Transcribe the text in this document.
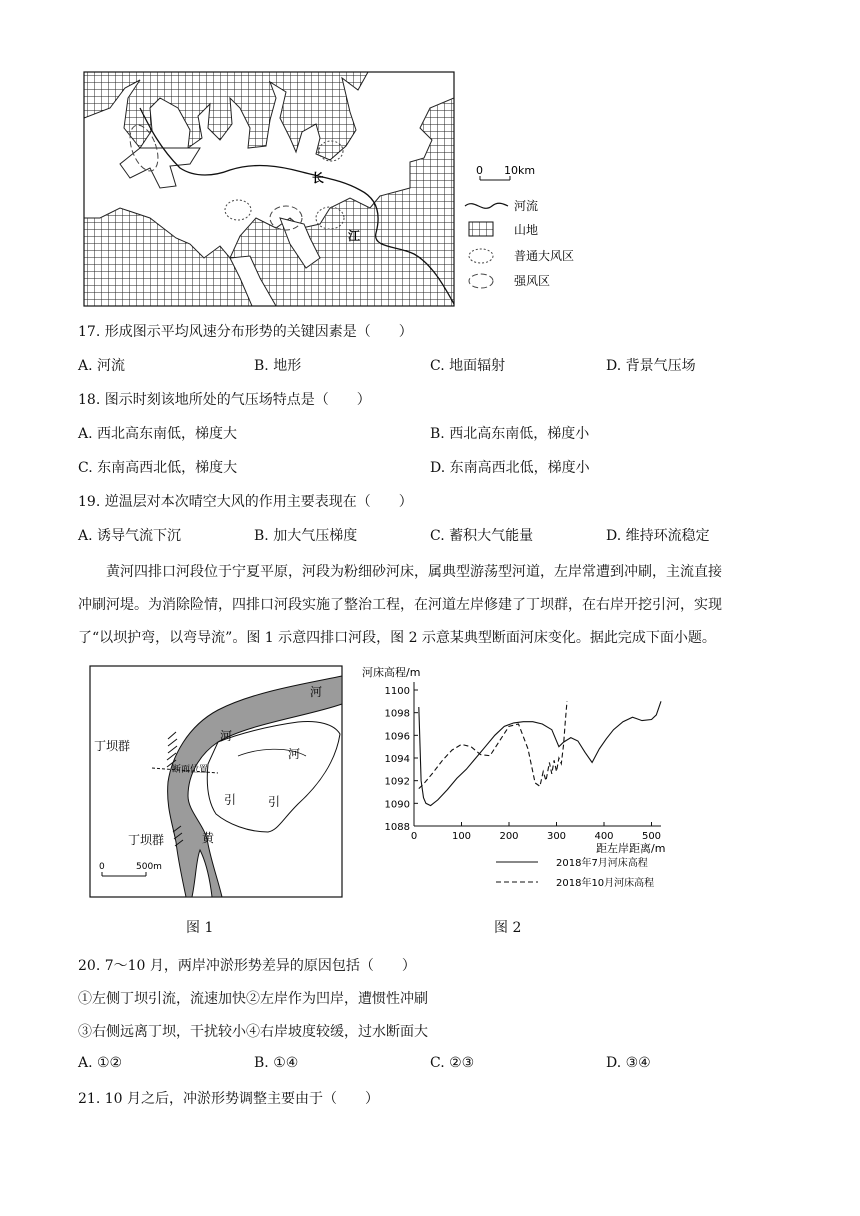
长
江
0 10km
河流
山地
普通大风区
强风区
17. 形成图示平均风速分布形势的关键因素是（　　）
A. 河流	B. 地形	C. 地面辐射	D. 背景气压场
18. 图示时刻该地所处的气压场特点是（　　）
A. 西北高东南低，梯度大	B. 西北高东南低，梯度小
C. 东南高西北低，梯度大	D. 东南高西北低，梯度小
19. 逆温层对本次晴空大风的作用主要表现在（　　）
A. 诱导气流下沉	B. 加大气压梯度	C. 蓄积大气能量	D. 维持环流稳定
黄河四排口河段位于宁夏平原，河段为粉细砂河床，属典型游荡型河道，左岸常遭到冲刷，主流直接
冲刷河堤。为消除险情，四排口河段实施了整治工程，在河道左岸修建了丁坝群，在右岸开挖引河，实现
了“以坝护弯，以弯导流”。图 1 示意四排口河段，图 2 示意某典型断面河床变化。据此完成下面小题。
河
河
河
引	引
黄
丁坝群
丁坝群
断面位置
0	500m
图 1
河床高程/m
距左岸距离/m
1088
1090
1092
1094
1096
1098
1100
0	100	200	300	400	500
2018年7月河床高程
2018年10月河床高程
图 2
20. 7～10 月，两岸冲淤形势差异的原因包括（　　）
①左侧丁坝引流，流速加快②左岸作为凹岸，遭惯性冲刷
③右侧远离丁坝，干扰较小④右岸坡度较缓，过水断面大
A. ①②	B. ①④	C. ②③	D. ③④
21. 10 月之后，冲淤形势调整主要由于（　　）
